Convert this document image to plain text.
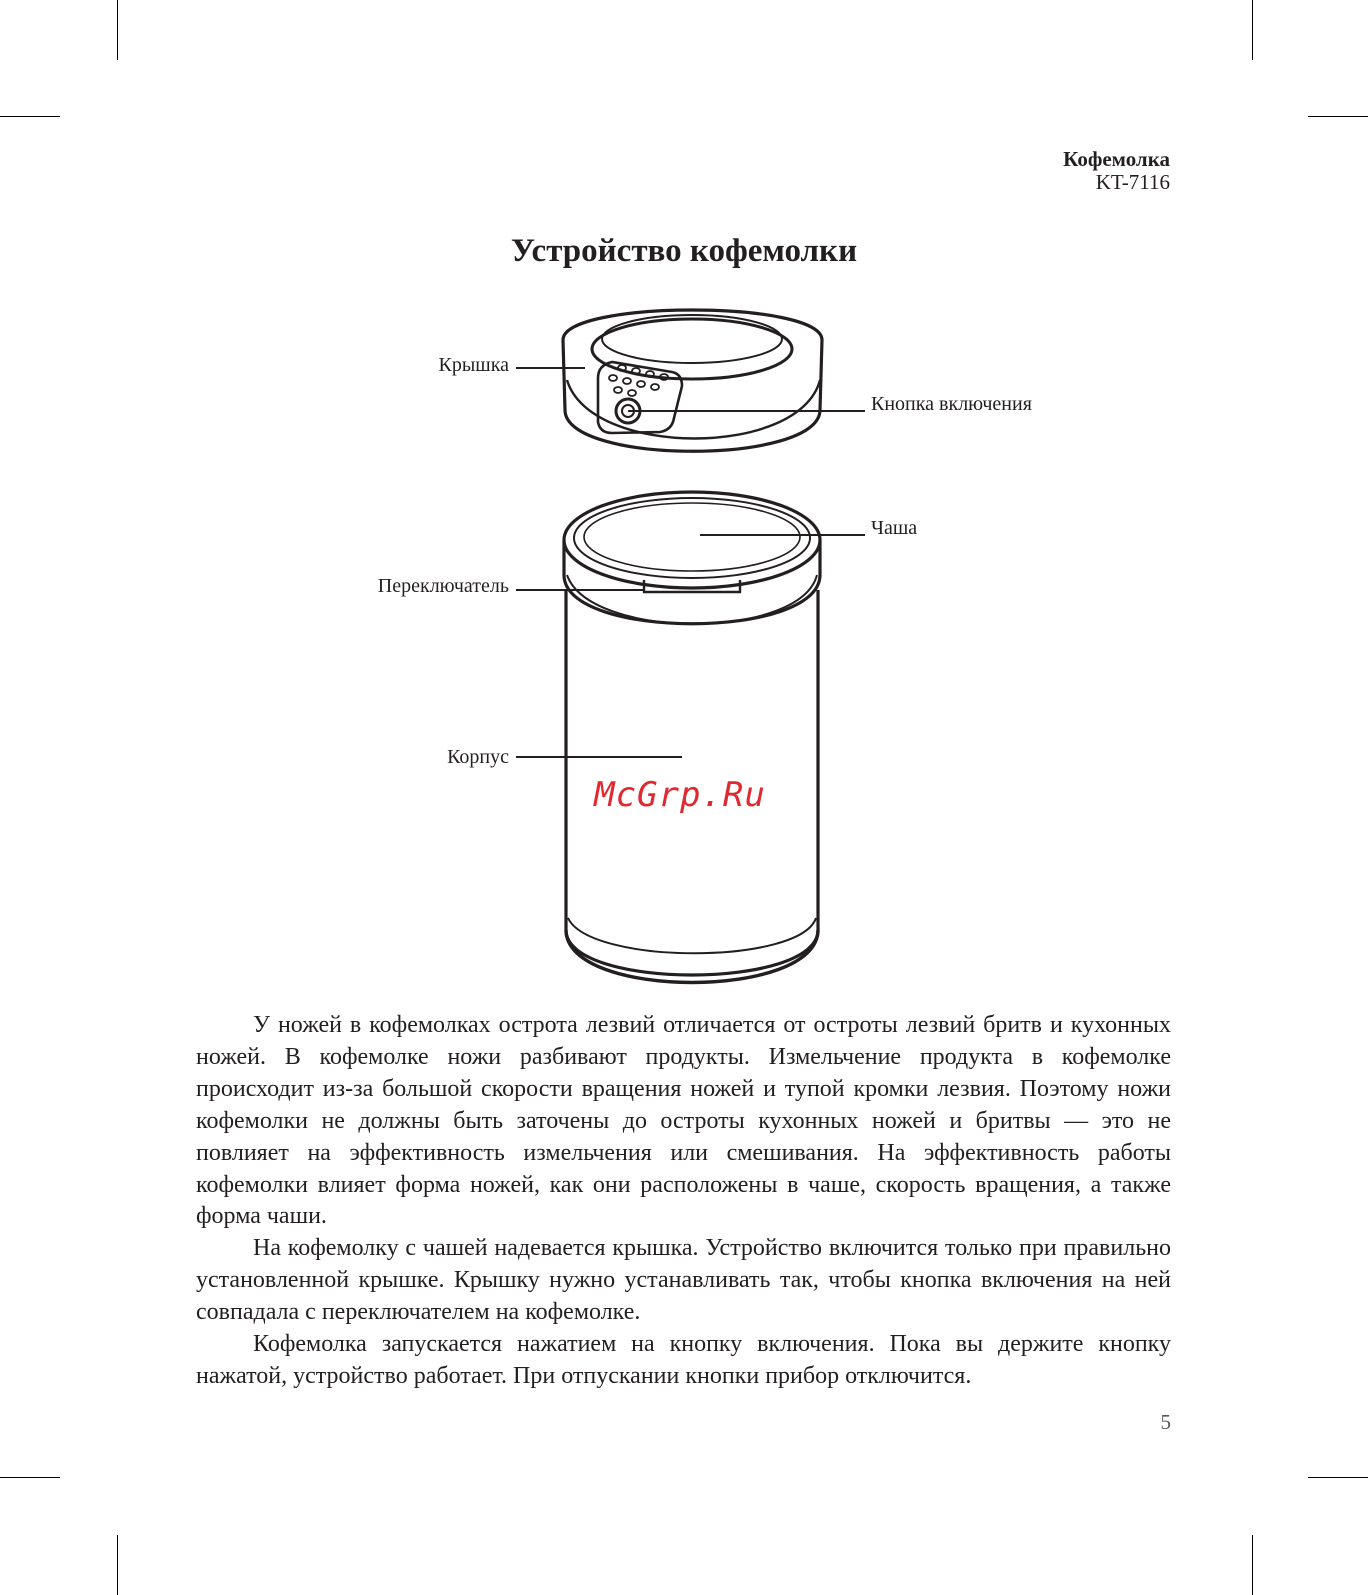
Кофемолка
KT-7116
Устройство кофемолки
Крышка
Кнопка включения
Чаша
Переключатель
Корпус
McGrp.Ru

У ножей в кофемолках острота лезвий отличается от остроты лезвий бритв и кухонных ножей. В кофемолке ножи разбивают продукты. Измельчение продукта в кофемолке происходит из-за большой скорости вращения ножей и тупой кромки лезвия. Поэтому ножи кофемолки не должны быть заточены до остроты кухонных ножей и бритвы — это не повлияет на эффективность измельчения или смешивания. На эффективность работы кофемолки влияет форма ножей, как они расположены в чаше, скорость вращения, а также форма чаши.

На кофемолку с чашей надевается крышка. Устройство включится только при правильно установленной крышке. Крышку нужно устанавливать так, чтобы кнопка включения на ней совпадала с переключателем на кофемолке.

Кофемолка запускается нажатием на кнопку включения. Пока вы держите кнопку нажатой, устройство работает. При отпускании кнопки прибор отключится.

5
